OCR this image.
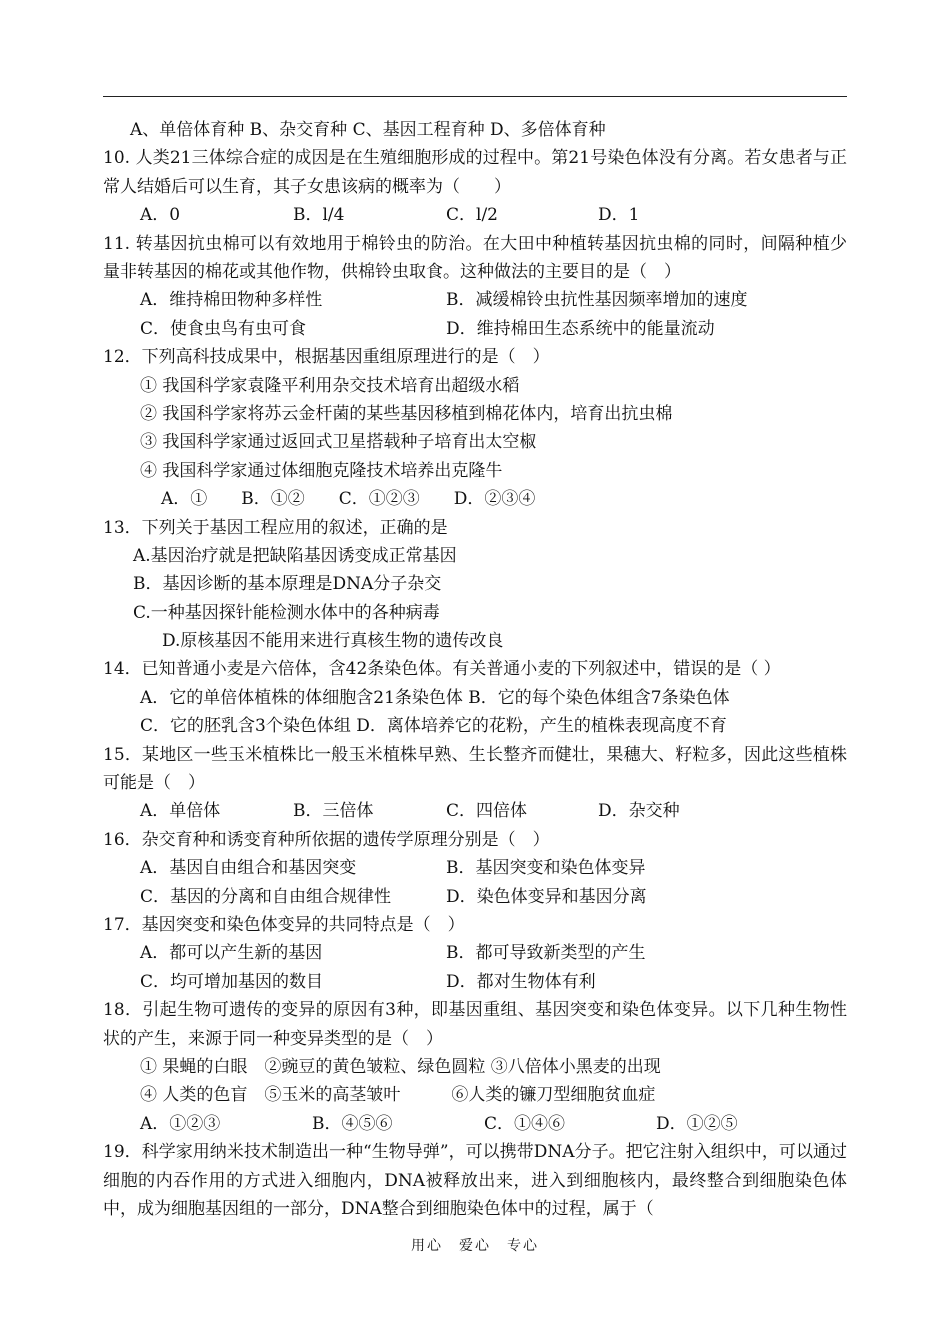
A、单倍体育种 B、杂交育种 C、基因工程育种 D、多倍体育种
10. 人类21三体综合症的成因是在生殖细胞形成的过程中。第21号染色体没有分离。若女患者与正常人结婚后可以生育，其子女患该病的概率为（　　）
A．0	B．l/4	C．l/2	D．1
11. 转基因抗虫棉可以有效地用于棉铃虫的防治。在大田中种植转基因抗虫棉的同时，间隔种植少量非转基因的棉花或其他作物，供棉铃虫取食。这种做法的主要目的是（　）
A．维持棉田物种多样性	B．减缓棉铃虫抗性基因频率增加的速度
C．使食虫鸟有虫可食	D．维持棉田生态系统中的能量流动
12．下列高科技成果中，根据基因重组原理进行的是（　）
① 我国科学家袁隆平利用杂交技术培育出超级水稻
② 我国科学家将苏云金杆菌的某些基因移植到棉花体内，培育出抗虫棉
③ 我国科学家通过返回式卫星搭载种子培育出太空椒
④ 我国科学家通过体细胞克隆技术培养出克隆牛
A．①　　B．①②　　C．①②③　　D．②③④
13．下列关于基因工程应用的叙述，正确的是
A.基因治疗就是把缺陷基因诱变成正常基因
B．基因诊断的基本原理是DNA分子杂交
C.一种基因探针能检测水体中的各种病毒
D.原核基因不能用来进行真核生物的遗传改良
14．已知普通小麦是六倍体，含42条染色体。有关普通小麦的下列叙述中，错误的是（ ）
A．它的单倍体植株的体细胞含21条染色体 B．它的每个染色体组含7条染色体
C．它的胚乳含3个染色体组 D．离体培养它的花粉，产生的植株表现高度不育
15．某地区一些玉米植株比一般玉米植株早熟、生长整齐而健壮，果穗大、籽粒多，因此这些植株可能是（　）
A．单倍体	B．三倍体	C．四倍体	D．杂交种
16．杂交育种和诱变育种所依据的遗传学原理分别是（　）
A．基因自由组合和基因突变	B．基因突变和染色体变异
C．基因的分离和自由组合规律性	D．染色体变异和基因分离
17．基因突变和染色体变异的共同特点是（　）
A．都可以产生新的基因	B．都可导致新类型的产生
C．均可增加基因的数目	D．都对生物体有利
18．引起生物可遗传的变异的原因有3种，即基因重组、基因突变和染色体变异。以下几种生物性状的产生，来源于同一种变异类型的是（　）
① 果蝇的白眼　②豌豆的黄色皱粒、绿色圆粒 ③八倍体小黑麦的出现
④ 人类的色盲　⑤玉米的高茎皱叶　　　⑥人类的镰刀型细胞贫血症
A．①②③	B．④⑤⑥	C．①④⑥	D．①②⑤
19．科学家用纳米技术制造出一种“生物导弹”，可以携带DNA分子。把它注射入组织中，可以通过细胞的内吞作用的方式进入细胞内，DNA被释放出来，进入到细胞核内，最终整合到细胞染色体中，成为细胞基因组的一部分，DNA整合到细胞染色体中的过程，属于（
用心　爱心　专心
